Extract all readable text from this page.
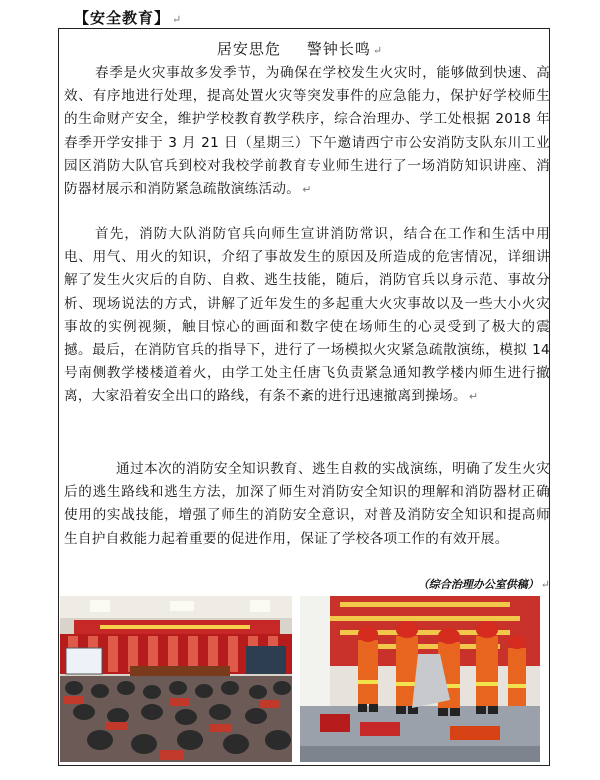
【安全教育】 ↵
居安思危 警钟长鸣 ↵

春季是火灾事故多发季节，为确保在学校发生火灾时，能够做到快速、高效、有序地进行处理，提高处置火灾等突发事件的应急能力，保护好学校师生的生命财产安全，维护学校教育教学秩序，综合治理办、学工处根据 2018 年春季开学安排于 3 月 21 日（星期三）下午邀请西宁市公安消防支队东川工业园区消防大队官兵到校对我校学前教育专业师生进行了一场消防知识讲座、消防器材展示和消防紧急疏散演练活动。 ↵

首先，消防大队消防官兵向师生宣讲消防常识，结合在工作和生活中用电、用气、用火的知识，介绍了事故发生的原因及所造成的危害情况，详细讲解了发生火灾后的自防、自救、逃生技能，随后，消防官兵以身示范、事故分析、现场说法的方式，讲解了近年发生的多起重大火灾事故以及一些大小火灾事故的实例视频，触目惊心的画面和数字使在场师生的心灵受到了极大的震撼。最后，在消防官兵的指导下，进行了一场模拟火灾紧急疏散演练，模拟 14 号南侧教学楼楼道着火，由学工处主任唐飞负责紧急通知教学楼内师生进行撤离，大家沿着安全出口的路线，有条不紊的进行迅速撤离到操场。 ↵

通过本次的消防安全知识教育、逃生自救的实战演练，明确了发生火灾后的逃生路线和逃生方法，加深了师生对消防安全知识的理解和消防器材正确使用的实战技能，增强了师生的消防安全意识，对普及消防安全知识和提高师生自护自救能力起着重要的促进作用，保证了学校各项工作的有效开展。

（综合治理办公室供稿） ↵
